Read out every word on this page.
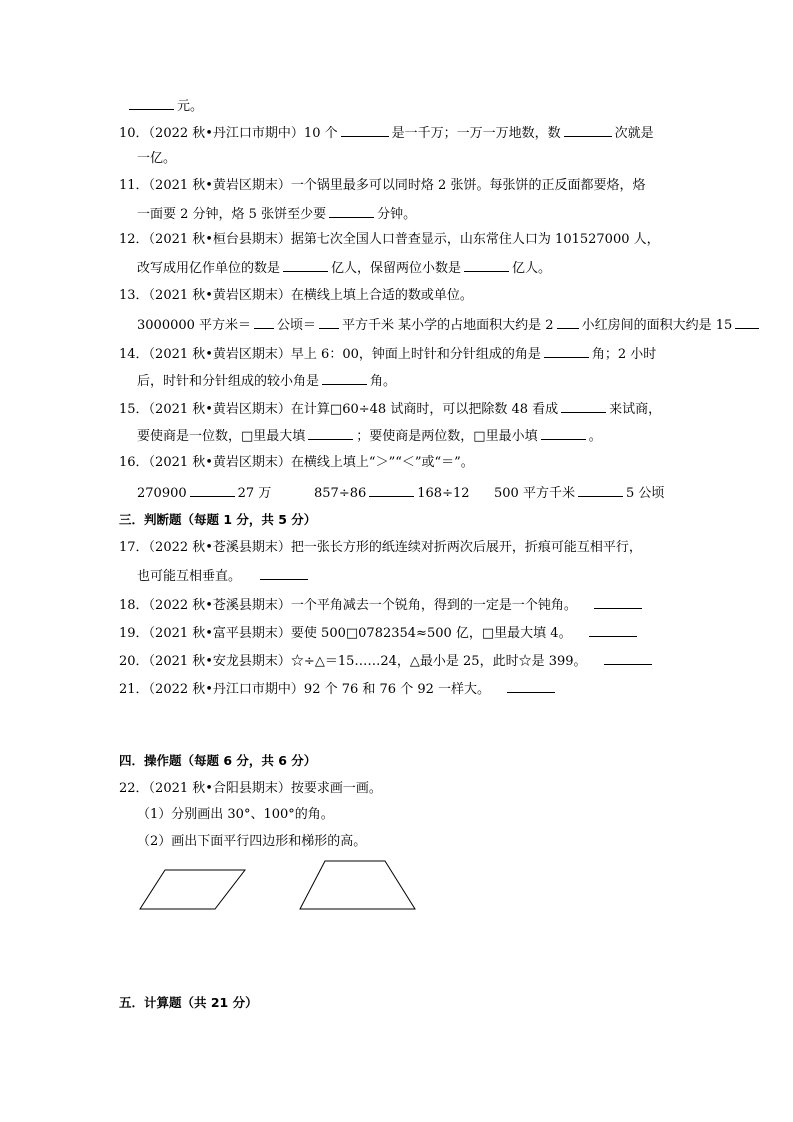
元。
10．（2022 秋•丹江口市期中）10 个	是一千万；一万一万地数，数	次就是
一亿。
11．（2021 秋•黄岩区期末）一个锅里最多可以同时烙 2 张饼。每张饼的正反面都要烙，烙
一面要 2 分钟，烙 5 张饼至少要	分钟。
12．（2021 秋•桓台县期末）据第七次全国人口普查显示，山东常住人口为 101527000 人，
改写成用亿作单位的数是	亿人，保留两位小数是	亿人。
13．（2021 秋•黄岩区期末）在横线上填上合适的数或单位。
3000000 平方米＝ 公顷＝ 平方千米 某小学的占地面积大约是 2 小红房间的面积大约是 15
14．（2021 秋•黄岩区期末）早上 6：00，钟面上时针和分针组成的角是	角；2 小时
后，时针和分针组成的较小角是	角。
15．（2021 秋•黄岩区期末）在计算□60÷48 试商时，可以把除数 48 看成	来试商，
要使商是一位数，□里最大填	；要使商是两位数，□里最小填	。
16．（2021 秋•黄岩区期末）在横线上填上“＞”“＜”或“＝”。
270900	27 万	857÷86	168÷12 500 平方千米	5 公顷
三．判断题（每题 1 分，共 5 分）
17．（2022 秋•苍溪县期末）把一张长方形的纸连续对折两次后展开，折痕可能互相平行，
也可能互相垂直。
18．（2022 秋•苍溪县期末）一个平角减去一个锐角，得到的一定是一个钝角。
19．（2021 秋•富平县期末）要使 500□0782354≈500 亿，□里最大填 4。
20．（2021 秋•安龙县期末）☆÷△＝15……24，△最小是 25，此时☆是 399。
21．（2022 秋•丹江口市期中）92 个 76 和 76 个 92 一样大。
四．操作题（每题 6 分，共 6 分）
22．（2021 秋•合阳县期末）按要求画一画。
（1）分别画出 30°、100°的角。
（2）画出下面平行四边形和梯形的高。
五．计算题（共 21 分）
